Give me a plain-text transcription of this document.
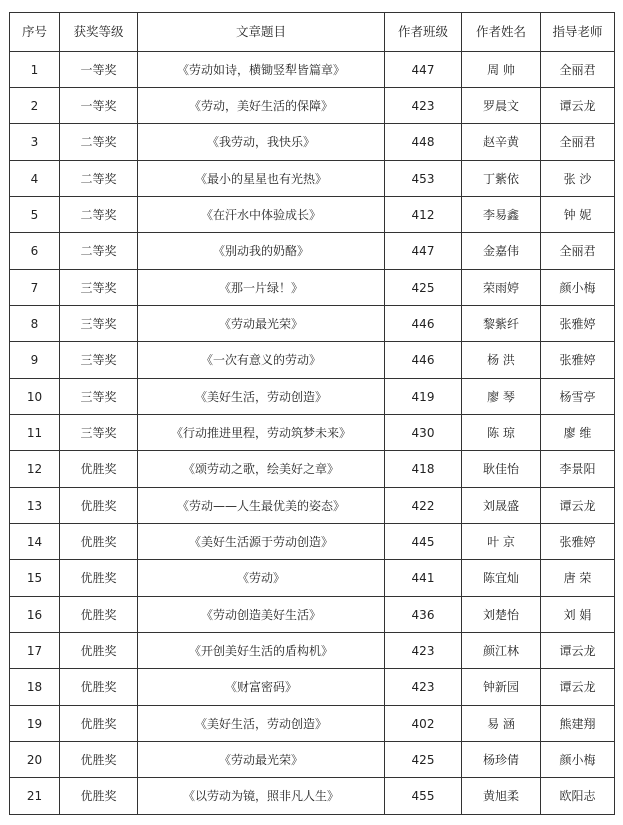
序号	获奖等级	文章题目	作者班级	作者姓名	指导老师
1	一等奖	《劳动如诗，横锄竖犁皆篇章》	447	周 帅	全丽君
2	一等奖	《劳动，美好生活的保障》	423	罗晨文	谭云龙
3	二等奖	《我劳动，我快乐》	448	赵辛黄	全丽君
4	二等奖	《最小的星星也有光热》	453	丁紫依	张 沙
5	二等奖	《在汗水中体验成长》	412	李易鑫	钟 妮
6	二等奖	《别动我的奶酪》	447	金嘉伟	全丽君
7	三等奖	《那一片绿！》	425	荣雨婷	颜小梅
8	三等奖	《劳动最光荣》	446	黎紫纤	张雅婷
9	三等奖	《一次有意义的劳动》	446	杨 洪	张雅婷
10	三等奖	《美好生活，劳动创造》	419	廖 琴	杨雪亭
11	三等奖	《行动推进里程，劳动筑梦未来》	430	陈 琼	廖 维
12	优胜奖	《颂劳动之歌，绘美好之章》	418	耿佳怡	李景阳
13	优胜奖	《劳动——人生最优美的姿态》	422	刘晟盛	谭云龙
14	优胜奖	《美好生活源于劳动创造》	445	叶 京	张雅婷
15	优胜奖	《劳动》	441	陈宜灿	唐 荣
16	优胜奖	《劳动创造美好生活》	436	刘楚怡	刘 娟
17	优胜奖	《开创美好生活的盾构机》	423	颜江林	谭云龙
18	优胜奖	《财富密码》	423	钟新园	谭云龙
19	优胜奖	《美好生活，劳动创造》	402	易 涵	熊建翔
20	优胜奖	《劳动最光荣》	425	杨珍倩	颜小梅
21	优胜奖	《以劳动为镜，照非凡人生》	455	黄旭柔	欧阳志
